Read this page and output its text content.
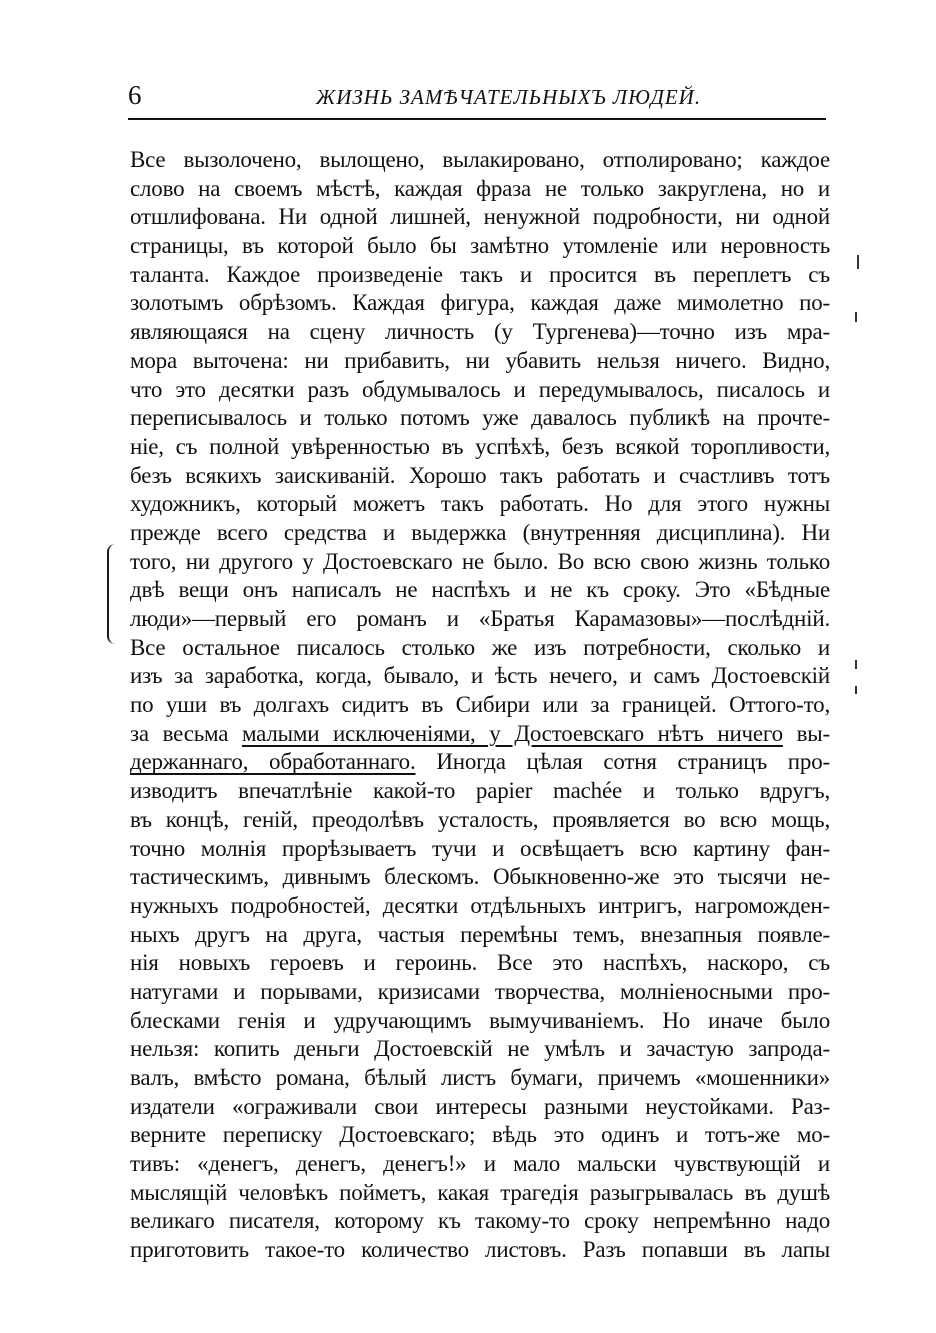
6	ЖИЗНЬ ЗАМѢЧАТЕЛЬНЫХЪ ЛЮДЕЙ.
Все вызолочено, вылощено, вылакировано, отполировано; каждое
слово на своемъ мѣстѣ, каждая фраза не только закруглена, но и
отшлифована. Ни одной лишней, ненужной подробности, ни одной
страницы, въ которой было бы замѣтно утомленіе или неровность
таланта. Каждое произведеніе такъ и просится въ переплетъ съ
золотымъ обрѣзомъ. Каждая фигура, каждая даже мимолетно по-
являющаяся на сцену личность (у Тургенева)—точно изъ мра-
мора выточена: ни прибавить, ни убавить нельзя ничего. Видно,
что это десятки разъ обдумывалось и передумывалось, писалось и
переписывалось и только потомъ уже давалось публикѣ на прочте-
ніе, съ полной увѣренностью въ успѣхѣ, безъ всякой торопливости,
безъ всякихъ заискиваній. Хорошо такъ работать и счастливъ тотъ
художникъ, который можетъ такъ работать. Но для этого нужны
прежде всего средства и выдержка (внутренняя дисциплина). Ни
того, ни другого у Достоевскаго не было. Во всю свою жизнь только
двѣ вещи онъ написалъ не наспѣхъ и не къ сроку. Это «Бѣдные
люди»—первый его романъ и «Братья Карамазовы»—послѣдній.
Все остальное писалось столько же изъ потребности, сколько и
изъ за заработка, когда, бывало, и ѣсть нечего, и самъ Достоевскій
по уши въ долгахъ сидитъ въ Сибири или за границей. Оттого-то,
за весьма малыми исключеніями, у Достоевскаго нѣтъ ничего вы-
держаннаго, обработаннаго. Иногда цѣлая сотня страницъ про-
изводитъ впечатлѣніе какой-то papier machée и только вдругъ,
въ концѣ, геній, преодолѣвъ усталость, проявляется во всю мощь,
точно молнія прорѣзываетъ тучи и освѣщаетъ всю картину фан-
тастическимъ, дивнымъ блескомъ. Обыкновенно-же это тысячи не-
нужныхъ подробностей, десятки отдѣльныхъ интригъ, нагроможден-
ныхъ другъ на друга, частыя перемѣны темъ, внезапныя появле-
нія новыхъ героевъ и героинь. Все это наспѣхъ, наскоро, съ
натугами и порывами, кризисами творчества, молніеносными про-
блесками генія и удручающимъ вымучиваніемъ. Но иначе было
нельзя: копить деньги Достоевскій не умѣлъ и зачастую запрода-
валъ, вмѣсто романа, бѣлый листъ бумаги, причемъ «мошенники»
издатели «ограживали свои интересы разными неустойками. Раз-
верните переписку Достоевскаго; вѣдь это одинъ и тотъ-же мо-
тивъ: «денегъ, денегъ, денегъ!» и мало мальски чувствующій и
мыслящій человѣкъ пойметъ, какая трагедія разыгрывалась въ душѣ
великаго писателя, которому къ такому-то сроку непремѣнно надо
приготовить такое-то количество листовъ. Разъ попавши въ лапы
